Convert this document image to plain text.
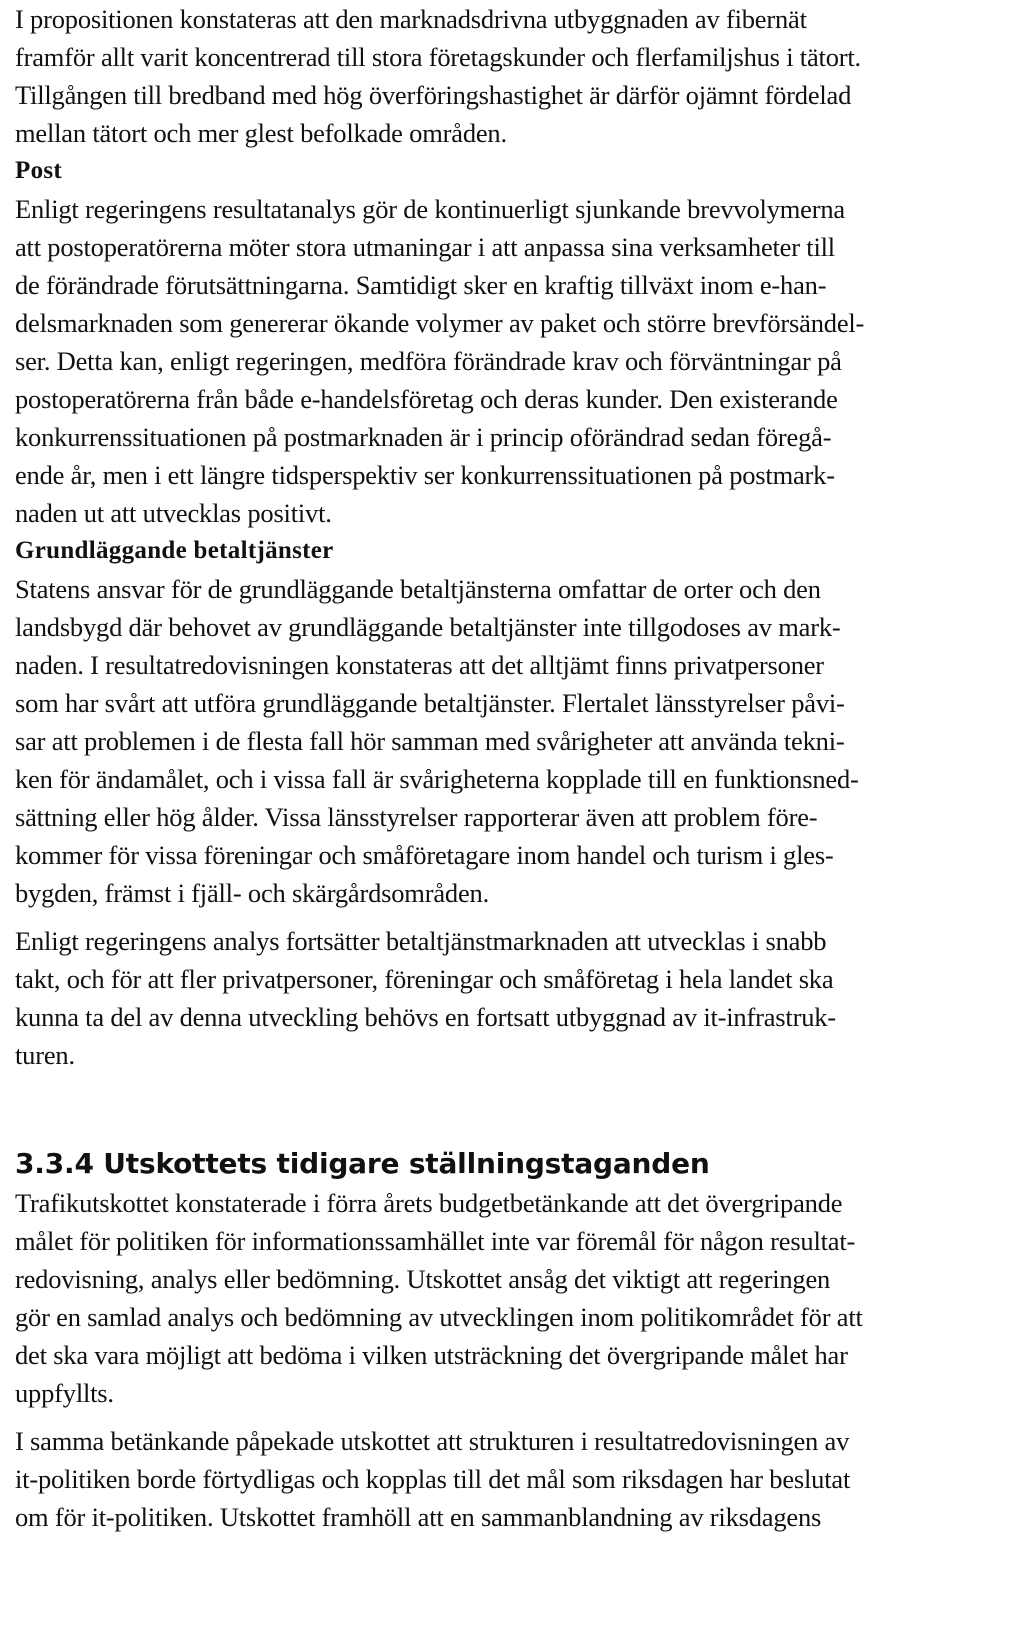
I propositionen konstateras att den marknadsdrivna utbyggnaden av fibernät
framför allt varit koncentrerad till stora företagskunder och flerfamiljshus i tätort.
Tillgången till bredband med hög överföringshastighet är därför ojämnt fördelad
mellan tätort och mer glest befolkade områden.

Post

Enligt regeringens resultatanalys gör de kontinuerligt sjunkande brevvolymerna
att postoperatörerna möter stora utmaningar i att anpassa sina verksamheter till
de förändrade förutsättningarna. Samtidigt sker en kraftig tillväxt inom e-han-
delsmarknaden som genererar ökande volymer av paket och större brevförsändel-
ser. Detta kan, enligt regeringen, medföra förändrade krav och förväntningar på
postoperatörerna från både e-handelsföretag och deras kunder. Den existerande
konkurrenssituationen på postmarknaden är i princip oförändrad sedan föregå-
ende år, men i ett längre tidsperspektiv ser konkurrenssituationen på postmark-
naden ut att utvecklas positivt.

Grundläggande betaltjänster

Statens ansvar för de grundläggande betaltjänsterna omfattar de orter och den
landsbygd där behovet av grundläggande betaltjänster inte tillgodoses av mark-
naden. I resultatredovisningen konstateras att det alltjämt finns privatpersoner
som har svårt att utföra grundläggande betaltjänster. Flertalet länsstyrelser påvi-
sar att problemen i de flesta fall hör samman med svårigheter att använda tekni-
ken för ändamålet, och i vissa fall är svårigheterna kopplade till en funktionsned-
sättning eller hög ålder. Vissa länsstyrelser rapporterar även att problem före-
kommer för vissa föreningar och småföretagare inom handel och turism i gles-
bygden, främst i fjäll- och skärgårdsområden.

Enligt regeringens analys fortsätter betaltjänstmarknaden att utvecklas i snabb
takt, och för att fler privatpersoner, föreningar och småföretag i hela landet ska
kunna ta del av denna utveckling behövs en fortsatt utbyggnad av it-infrastruk-
turen.

3.3.4 Utskottets tidigare ställningstaganden

Trafikutskottet konstaterade i förra årets budgetbetänkande att det övergripande
målet för politiken för informationssamhället inte var föremål för någon resultat-
redovisning, analys eller bedömning. Utskottet ansåg det viktigt att regeringen
gör en samlad analys och bedömning av utvecklingen inom politikområdet för att
det ska vara möjligt att bedöma i vilken utsträckning det övergripande målet har
uppfyllts.

I samma betänkande påpekade utskottet att strukturen i resultatredovisningen av
it-politiken borde förtydligas och kopplas till det mål som riksdagen har beslutat
om för it-politiken. Utskottet framhöll att en sammanblandning av riksdagens
